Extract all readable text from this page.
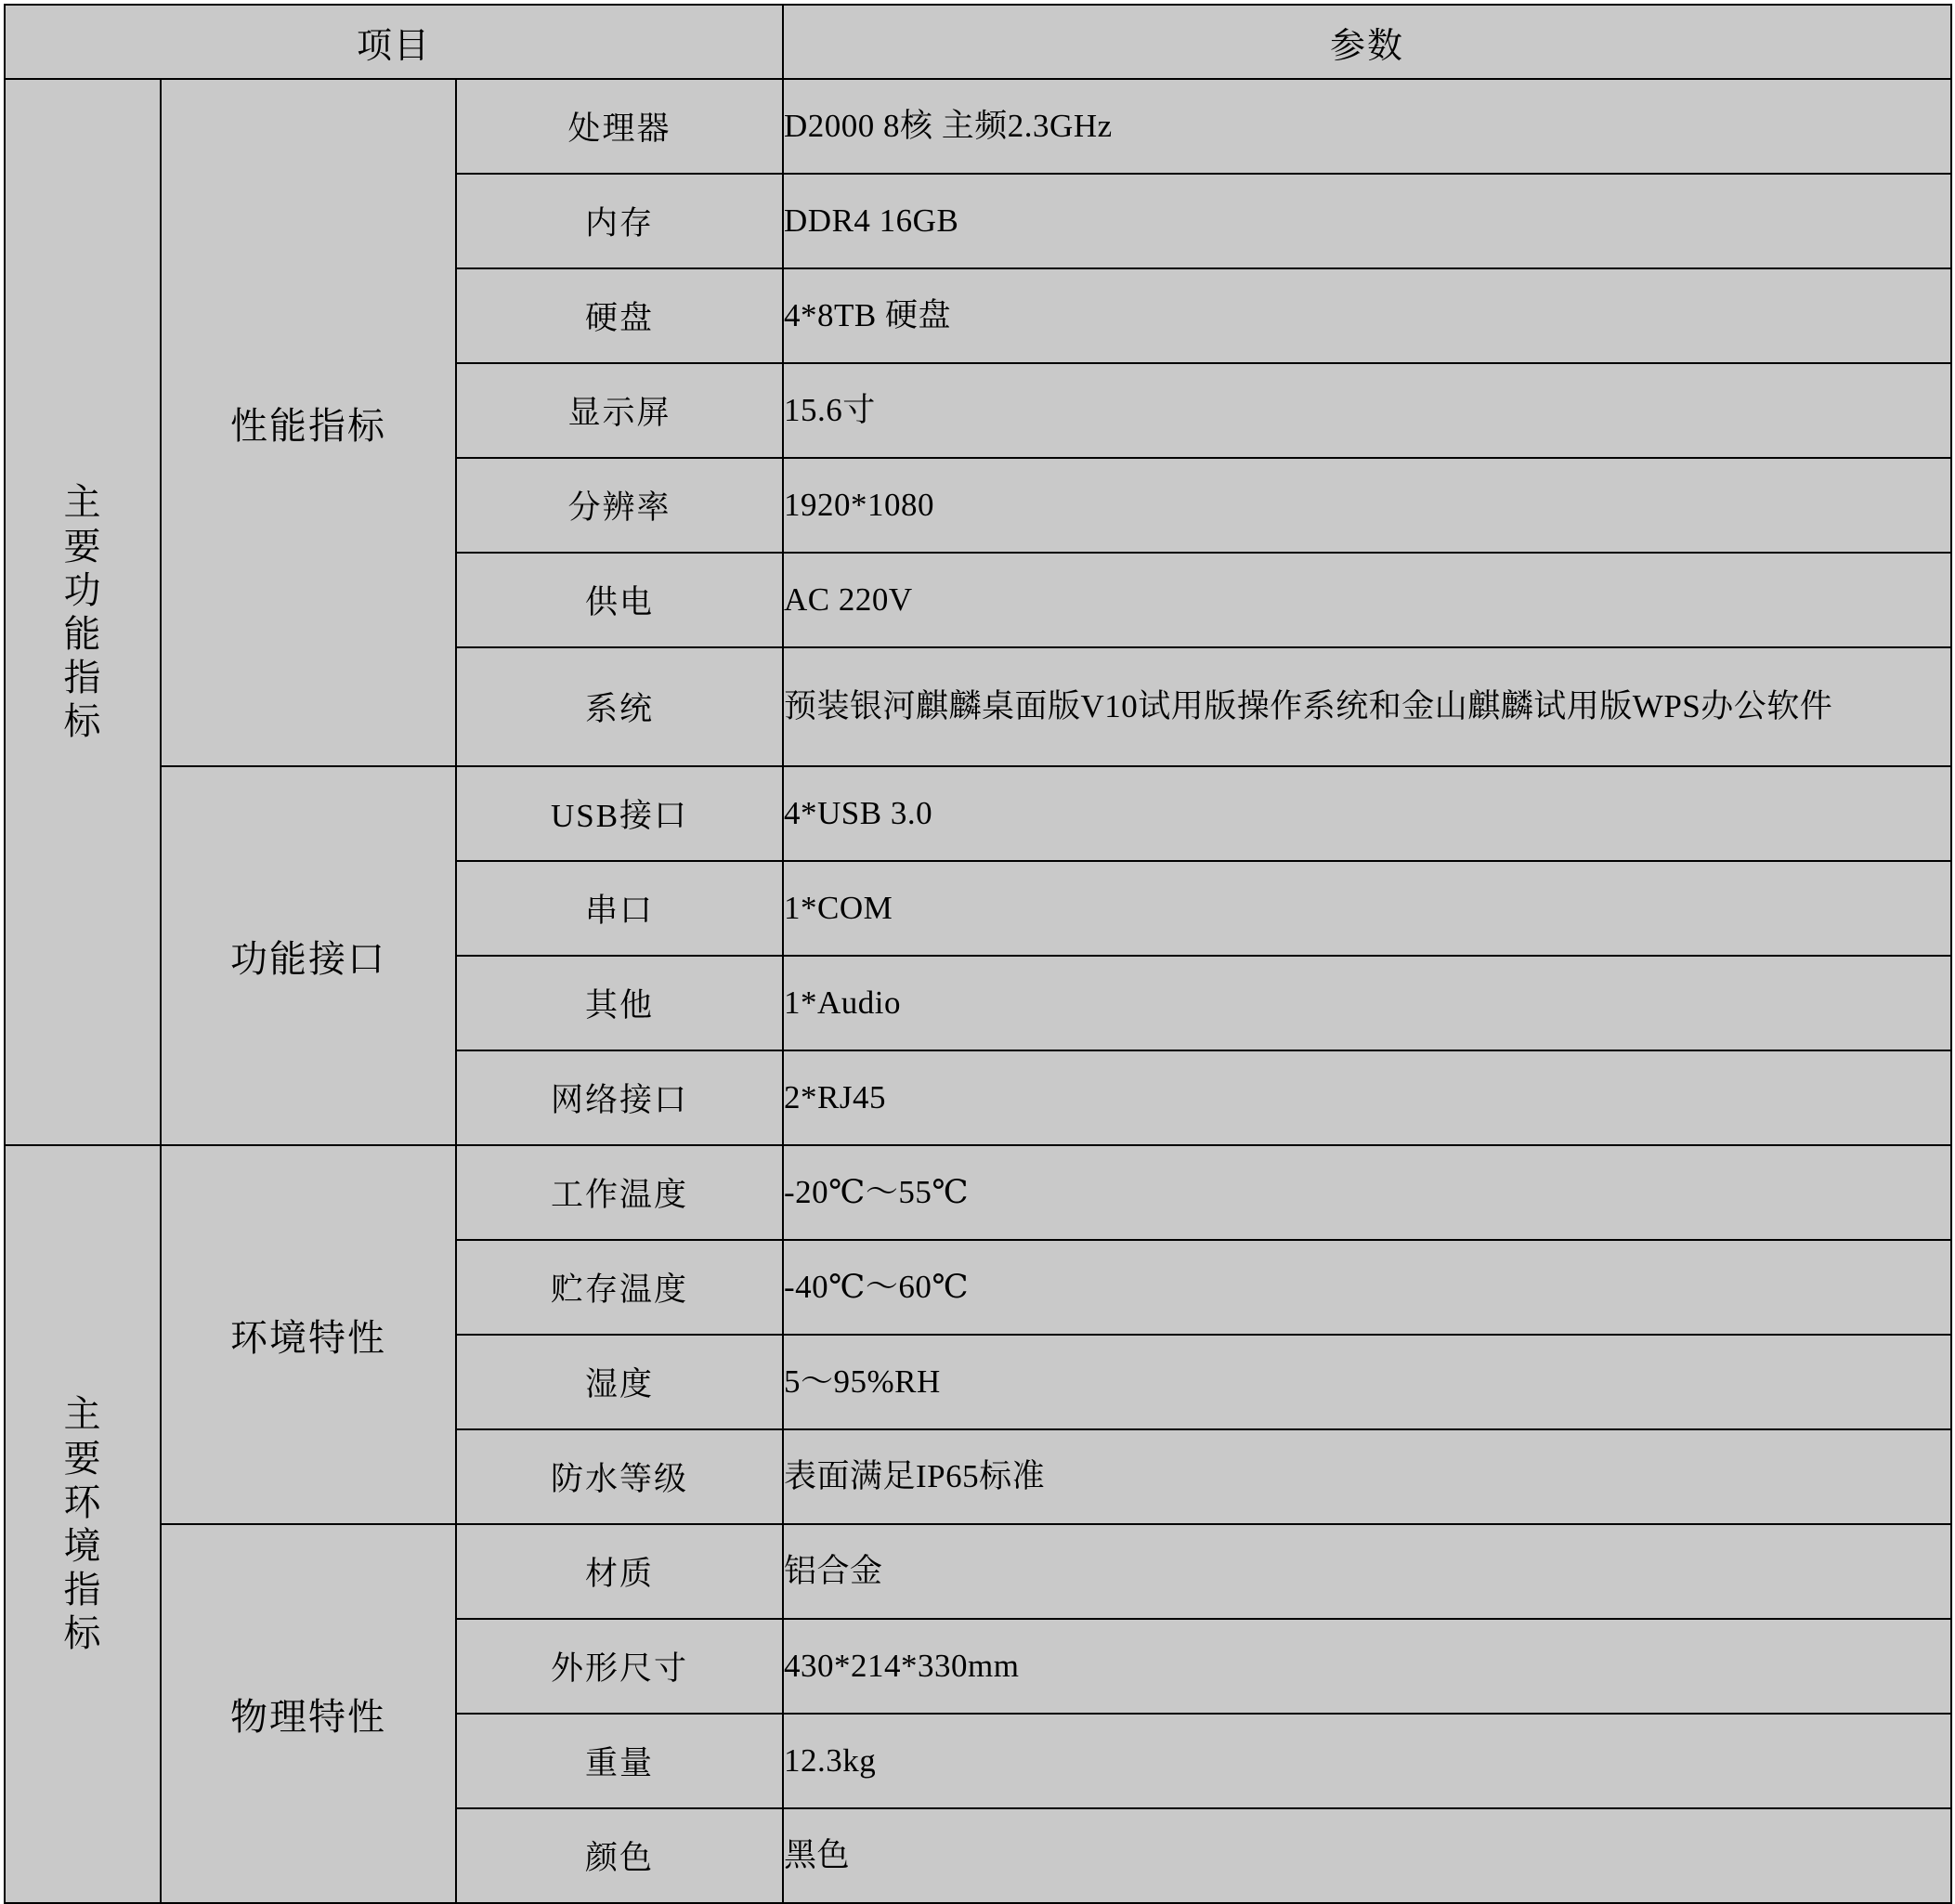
项目			参数

主要功能指标	性能指标	处理器	D2000 8核 主频2.3GHz
		内存	DDR4 16GB
		硬盘	4*8TB 硬盘
		显示屏	15.6寸
		分辨率	1920*1080
		供电	AC 220V
		系统	预装银河麒麟桌面版V10试用版操作系统和金山麒麟试用版WPS办公软件
	功能接口	USB接口	4*USB 3.0
		串口	1*COM
		其他	1*Audio
		网络接口	2*RJ45

主要环境指标	环境特性	工作温度	-20℃～55℃
		贮存温度	-40℃～60℃
		湿度	5～95%RH
		防水等级	表面满足IP65标准
	物理特性	材质	铝合金
		外形尺寸	430*214*330mm
		重量	12.3kg
		颜色	黑色
